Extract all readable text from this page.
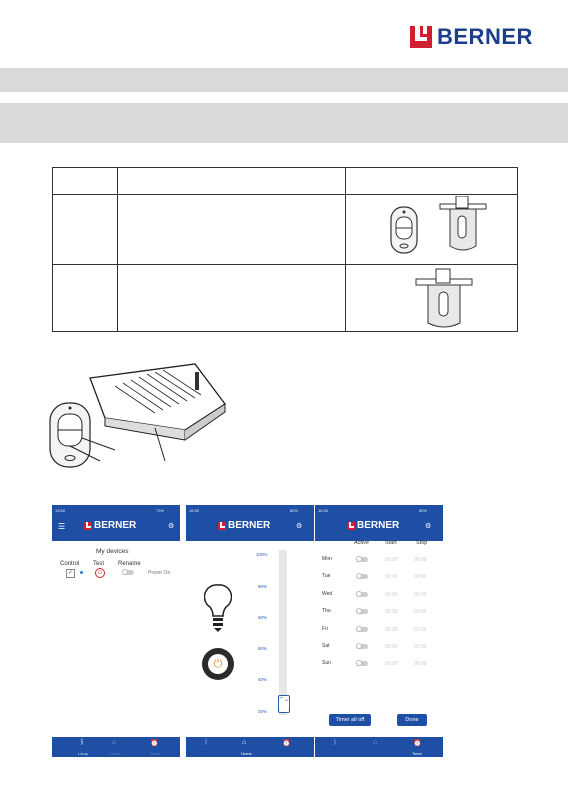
BERNER
13:50	73%
☰	BERNER	⚙
My devices
Control Test Rename
✓	⏻	Power On
ᛒ
Lamp
⌂
Home
⏰
Timer
16:30	80%
BERNER	⚙
100%
80%
60%
50%
40%
20%
⌃⌄
⏻
ᛒ	⌂
Home
⏰
16:30	80%
BERNER	⚙
Active	Start	Stop
Mon	00:00	00:00
Tue	00:00	00:00
Wed	00:00	00:00
Thu	00:00	00:00
Fri	00:00	00:00
Sat	00:00	00:00
Sun	00:00	00:00
Timer all off	Done
ᛒ	⌂	⏰
Timer
